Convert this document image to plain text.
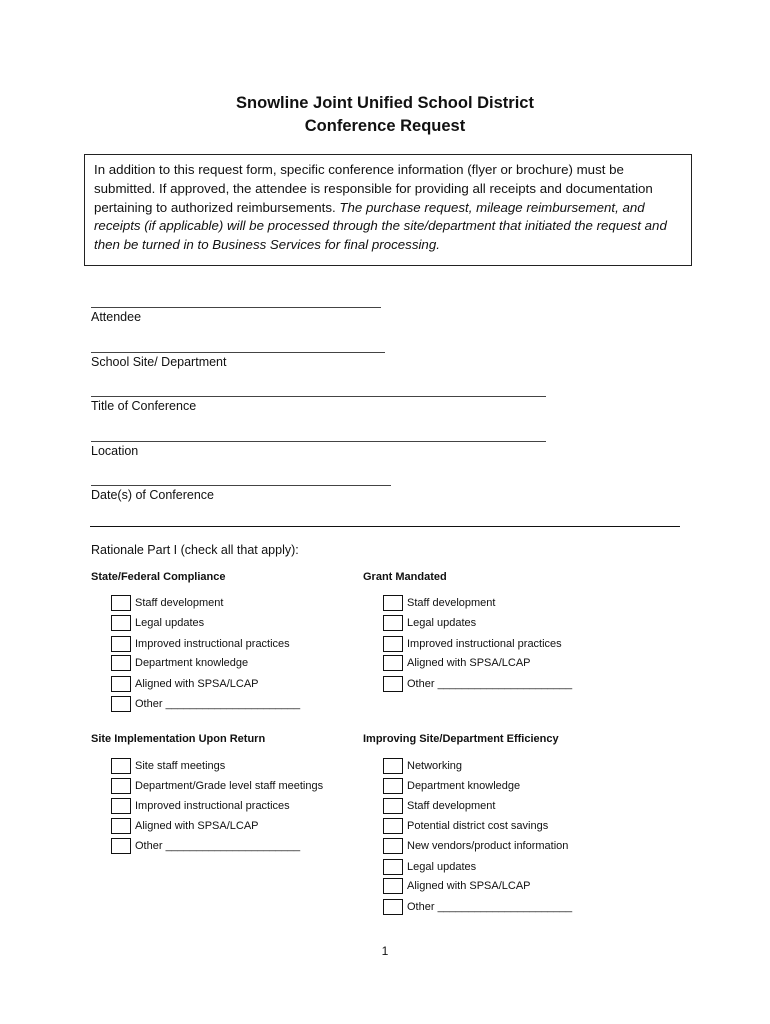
Snowline Joint Unified School District
Conference Request
In addition to this request form, specific conference information (flyer or brochure) must be submitted. If approved, the attendee is responsible for providing all receipts and documentation pertaining to authorized reimbursements. The purchase request, mileage reimbursement, and receipts (if applicable) will be processed through the site/department that initiated the request and then be turned in to Business Services for final processing.
Attendee
School Site/ Department
Title of Conference
Location
Date(s) of Conference
Rationale Part I (check all that apply):
State/Federal Compliance
Staff development
Legal updates
Improved instructional practices
Department knowledge
Aligned with SPSA/LCAP
Other ______________________
Grant Mandated
Staff development
Legal updates
Improved instructional practices
Aligned with SPSA/LCAP
Other ______________________
Site Implementation Upon Return
Site staff meetings
Department/Grade level staff meetings
Improved instructional practices
Aligned with SPSA/LCAP
Other ______________________
Improving Site/Department Efficiency
Networking
Department knowledge
Staff development
Potential district cost savings
New vendors/product information
Legal updates
Aligned with SPSA/LCAP
Other ______________________
1
